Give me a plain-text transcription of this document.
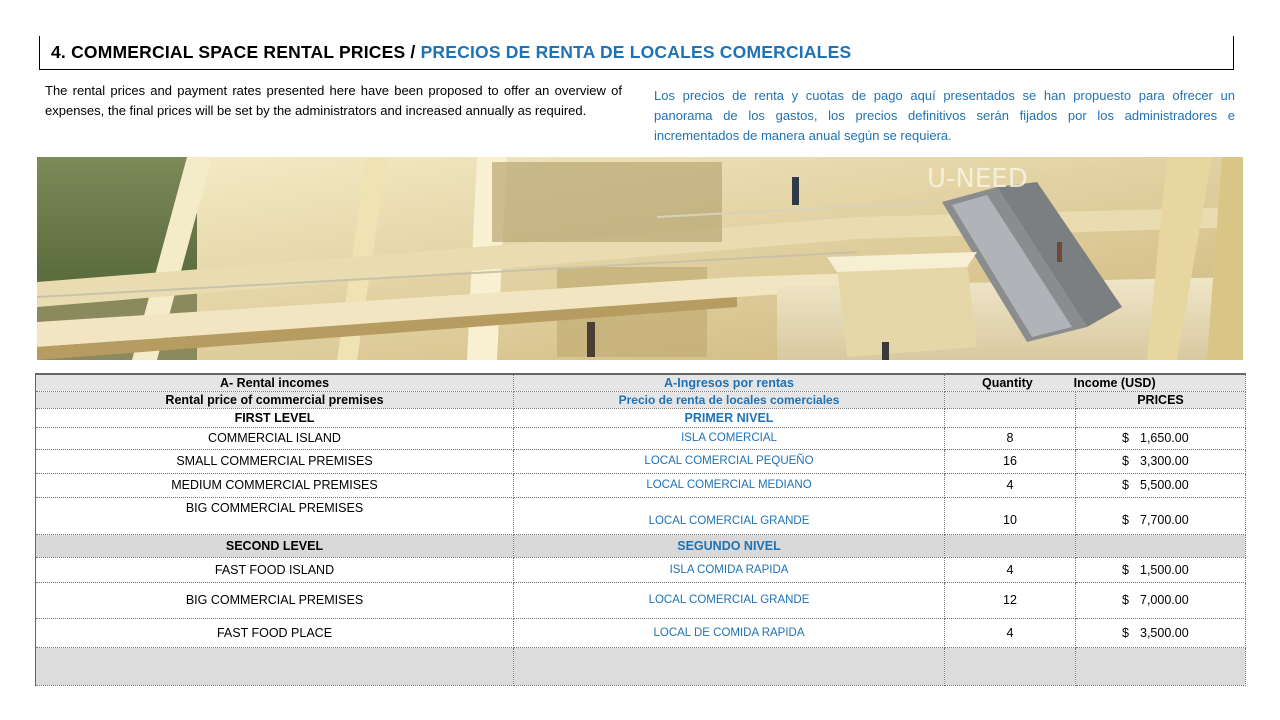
4. COMMERCIAL SPACE RENTAL PRICES / PRECIOS DE RENTA DE LOCALES COMERCIALES
The rental prices and payment rates presented here have been proposed to offer an overview of expenses, the final prices will be set by the administrators and increased annually as required.
Los precios de renta y cuotas de pago aquí presentados se han propuesto para ofrecer un panorama de los gastos, los precios definitivos serán fijados por los administradores e incrementados de manera anual según se requiera.
U-NEED
A- Rental incomes	A-Ingresos por rentas	Quantity Income (USD)	
Rental price of commercial premises	Precio de renta de locales comerciales		PRICES
FIRST LEVEL	PRIMER NIVEL		
COMMERCIAL ISLAND	ISLA COMERCIAL	8	$ 1,650.00
SMALL COMMERCIAL PREMISES	LOCAL COMERCIAL PEQUEÑO	16	$ 3,300.00
MEDIUM COMMERCIAL PREMISES	LOCAL COMERCIAL MEDIANO	4	$ 5,500.00
BIG COMMERCIAL PREMISES	LOCAL COMERCIAL GRANDE	10	$ 7,700.00
SECOND LEVEL	SEGUNDO NIVEL		
FAST FOOD ISLAND	ISLA COMIDA RAPIDA	4	$ 1,500.00
BIG COMMERCIAL PREMISES	LOCAL COMERCIAL GRANDE	12	$ 7,000.00
FAST FOOD PLACE	LOCAL DE COMIDA RAPIDA	4	$ 3,500.00
